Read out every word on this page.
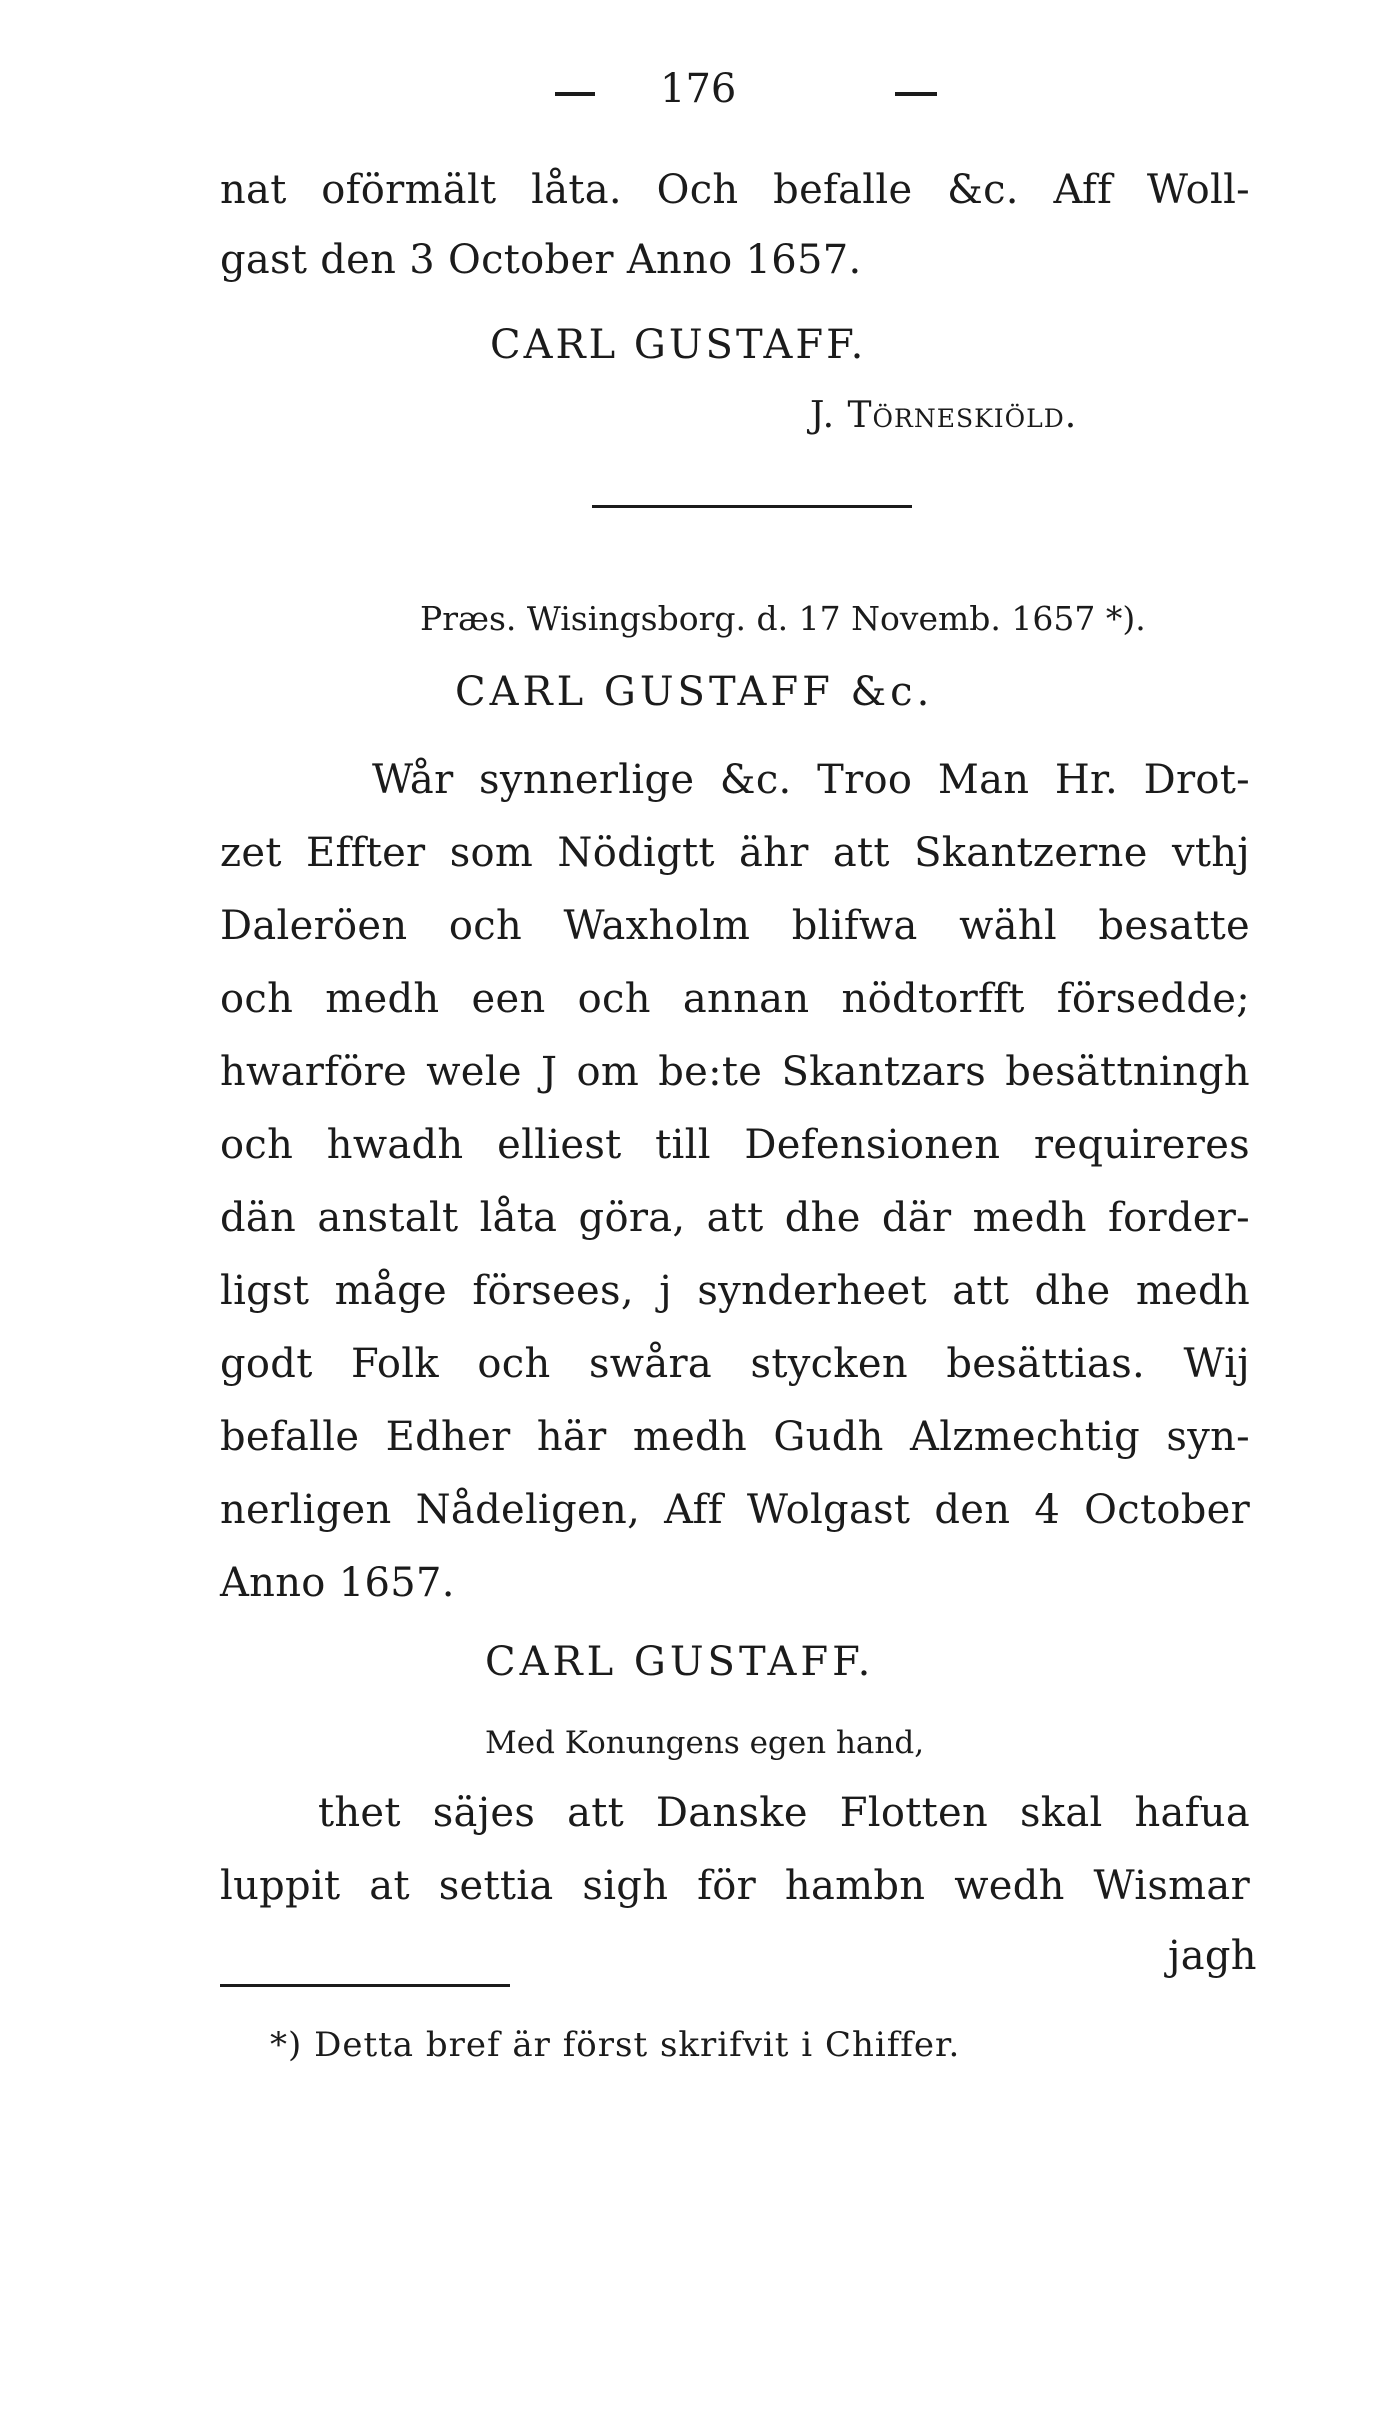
176
nat oförmält låta. Och befalle &c. Aff Woll-
gast den 3 October Anno 1657.
CARL GUSTAFF.
J. Törneskiöld.
Præs. Wisingsborg. d. 17 Novemb. 1657 *).
CARL GUSTAFF &c.
Wår synnerlige &c. Troo Man Hr. Drot-
zet Effter som Nödigtt ähr att Skantzerne vthj
Daleröen och Waxholm blifwa wähl besatte
och medh een och annan nödtorfft försedde;
hwarföre wele J om be:te Skantzars besättningh
och hwadh elliest till Defensionen requireres
dän anstalt låta göra, att dhe där medh forder-
ligst måge försees, j synderheet att dhe medh
godt Folk och swåra stycken besättias. Wij
befalle Edher här medh Gudh Alzmechtig syn-
nerligen Nådeligen, Aff Wolgast den 4 October
Anno 1657.
CARL GUSTAFF.
Med Konungens egen hand,
thet säjes att Danske Flotten skal hafua
luppit at settia sigh för hambn wedh Wismar
jagh
*) Detta bref är först skrifvit i Chiffer.
